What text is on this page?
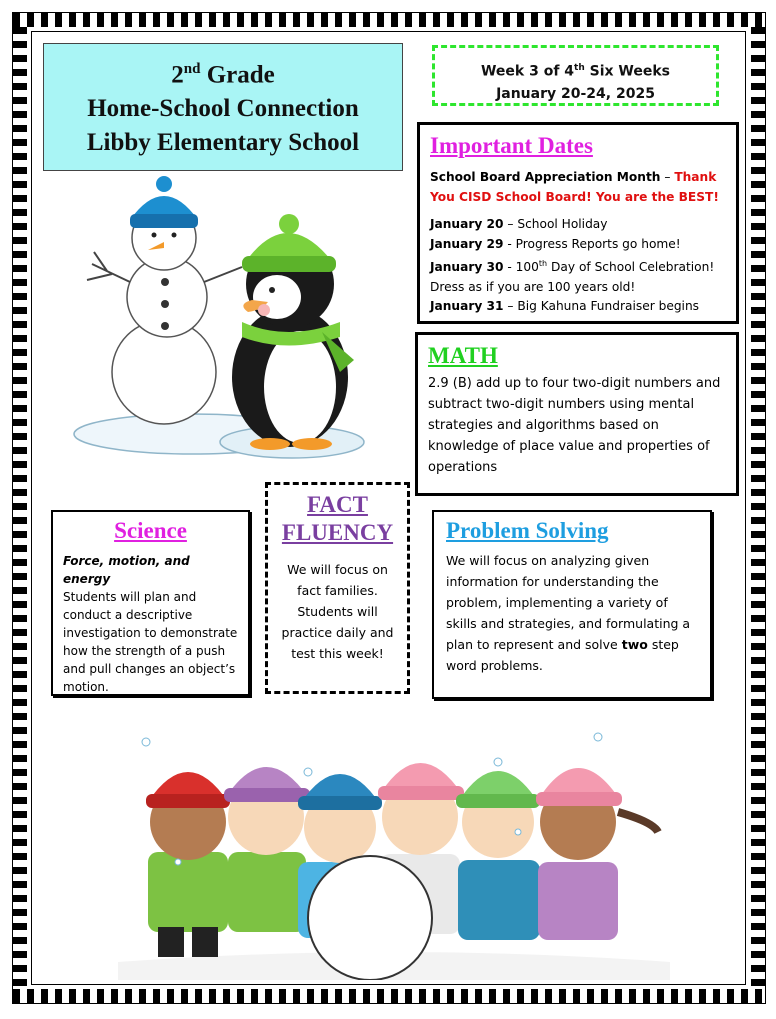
2nd Grade
Home-School Connection
Libby Elementary School
Week 3 of 4th Six Weeks
January 20-24, 2025
Important Dates
School Board Appreciation Month – Thank You CISD School Board! You are the BEST!
January 20 – School Holiday
January 29 - Progress Reports go home!
January 30 - 100th Day of School Celebration! Dress as if you are 100 years old!
January 31 – Big Kahuna Fundraiser begins
MATH
2.9 (B) add up to four two-digit numbers and subtract two-digit numbers using mental strategies and algorithms based on knowledge of place value and properties of operations
Science
Force, motion, and energy
Students will plan and conduct a descriptive investigation to demonstrate how the strength of a push and pull changes an object’s motion.
FACT
FLUENCY
We will focus on fact families. Students will practice daily and test this week!
Problem Solving
We will focus on analyzing given information for understanding the problem, implementing a variety of skills and strategies, and formulating a plan to represent and solve two step word problems.
